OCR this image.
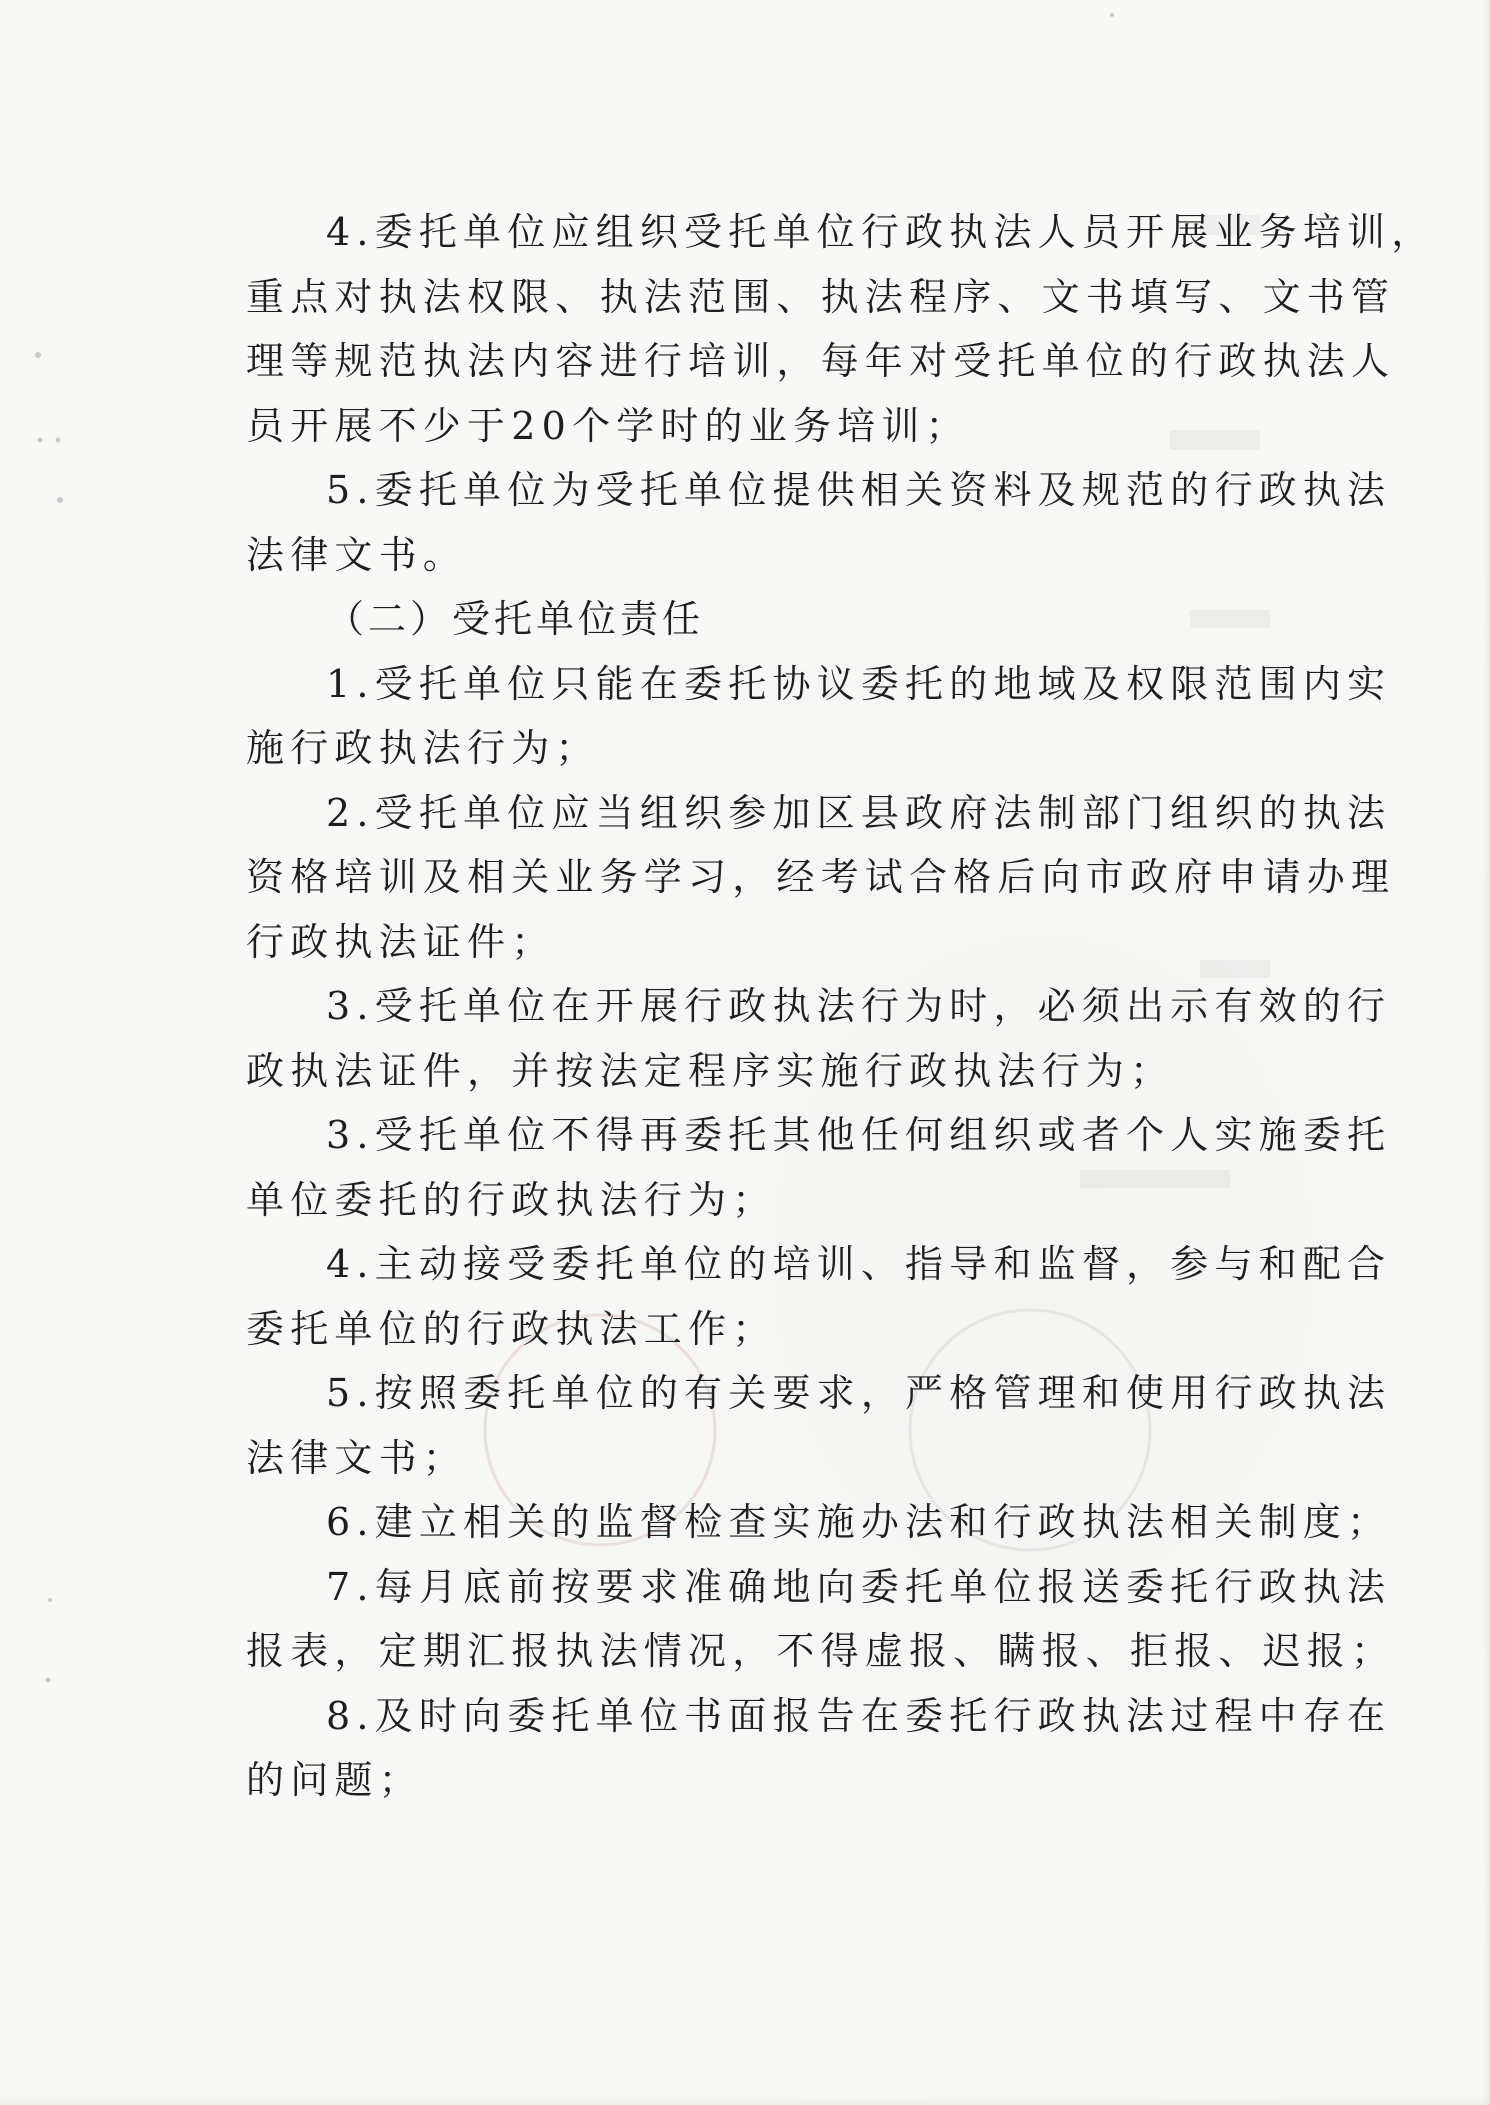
4.委托单位应组织受托单位行政执法人员开展业务培训，
重点对执法权限、执法范围、执法程序、文书填写、文书管
理等规范执法内容进行培训，每年对受托单位的行政执法人
员开展不少于20个学时的业务培训；
5.委托单位为受托单位提供相关资料及规范的行政执法
法律文书。
（二）受托单位责任
1.受托单位只能在委托协议委托的地域及权限范围内实
施行政执法行为；
2.受托单位应当组织参加区县政府法制部门组织的执法
资格培训及相关业务学习，经考试合格后向市政府申请办理
行政执法证件；
3.受托单位在开展行政执法行为时，必须出示有效的行
政执法证件，并按法定程序实施行政执法行为；
3.受托单位不得再委托其他任何组织或者个人实施委托
单位委托的行政执法行为；
4.主动接受委托单位的培训、指导和监督，参与和配合
委托单位的行政执法工作；
5.按照委托单位的有关要求，严格管理和使用行政执法
法律文书；
6.建立相关的监督检查实施办法和行政执法相关制度；
7.每月底前按要求准确地向委托单位报送委托行政执法
报表，定期汇报执法情况，不得虚报、瞒报、拒报、迟报；
8.及时向委托单位书面报告在委托行政执法过程中存在
的问题；
